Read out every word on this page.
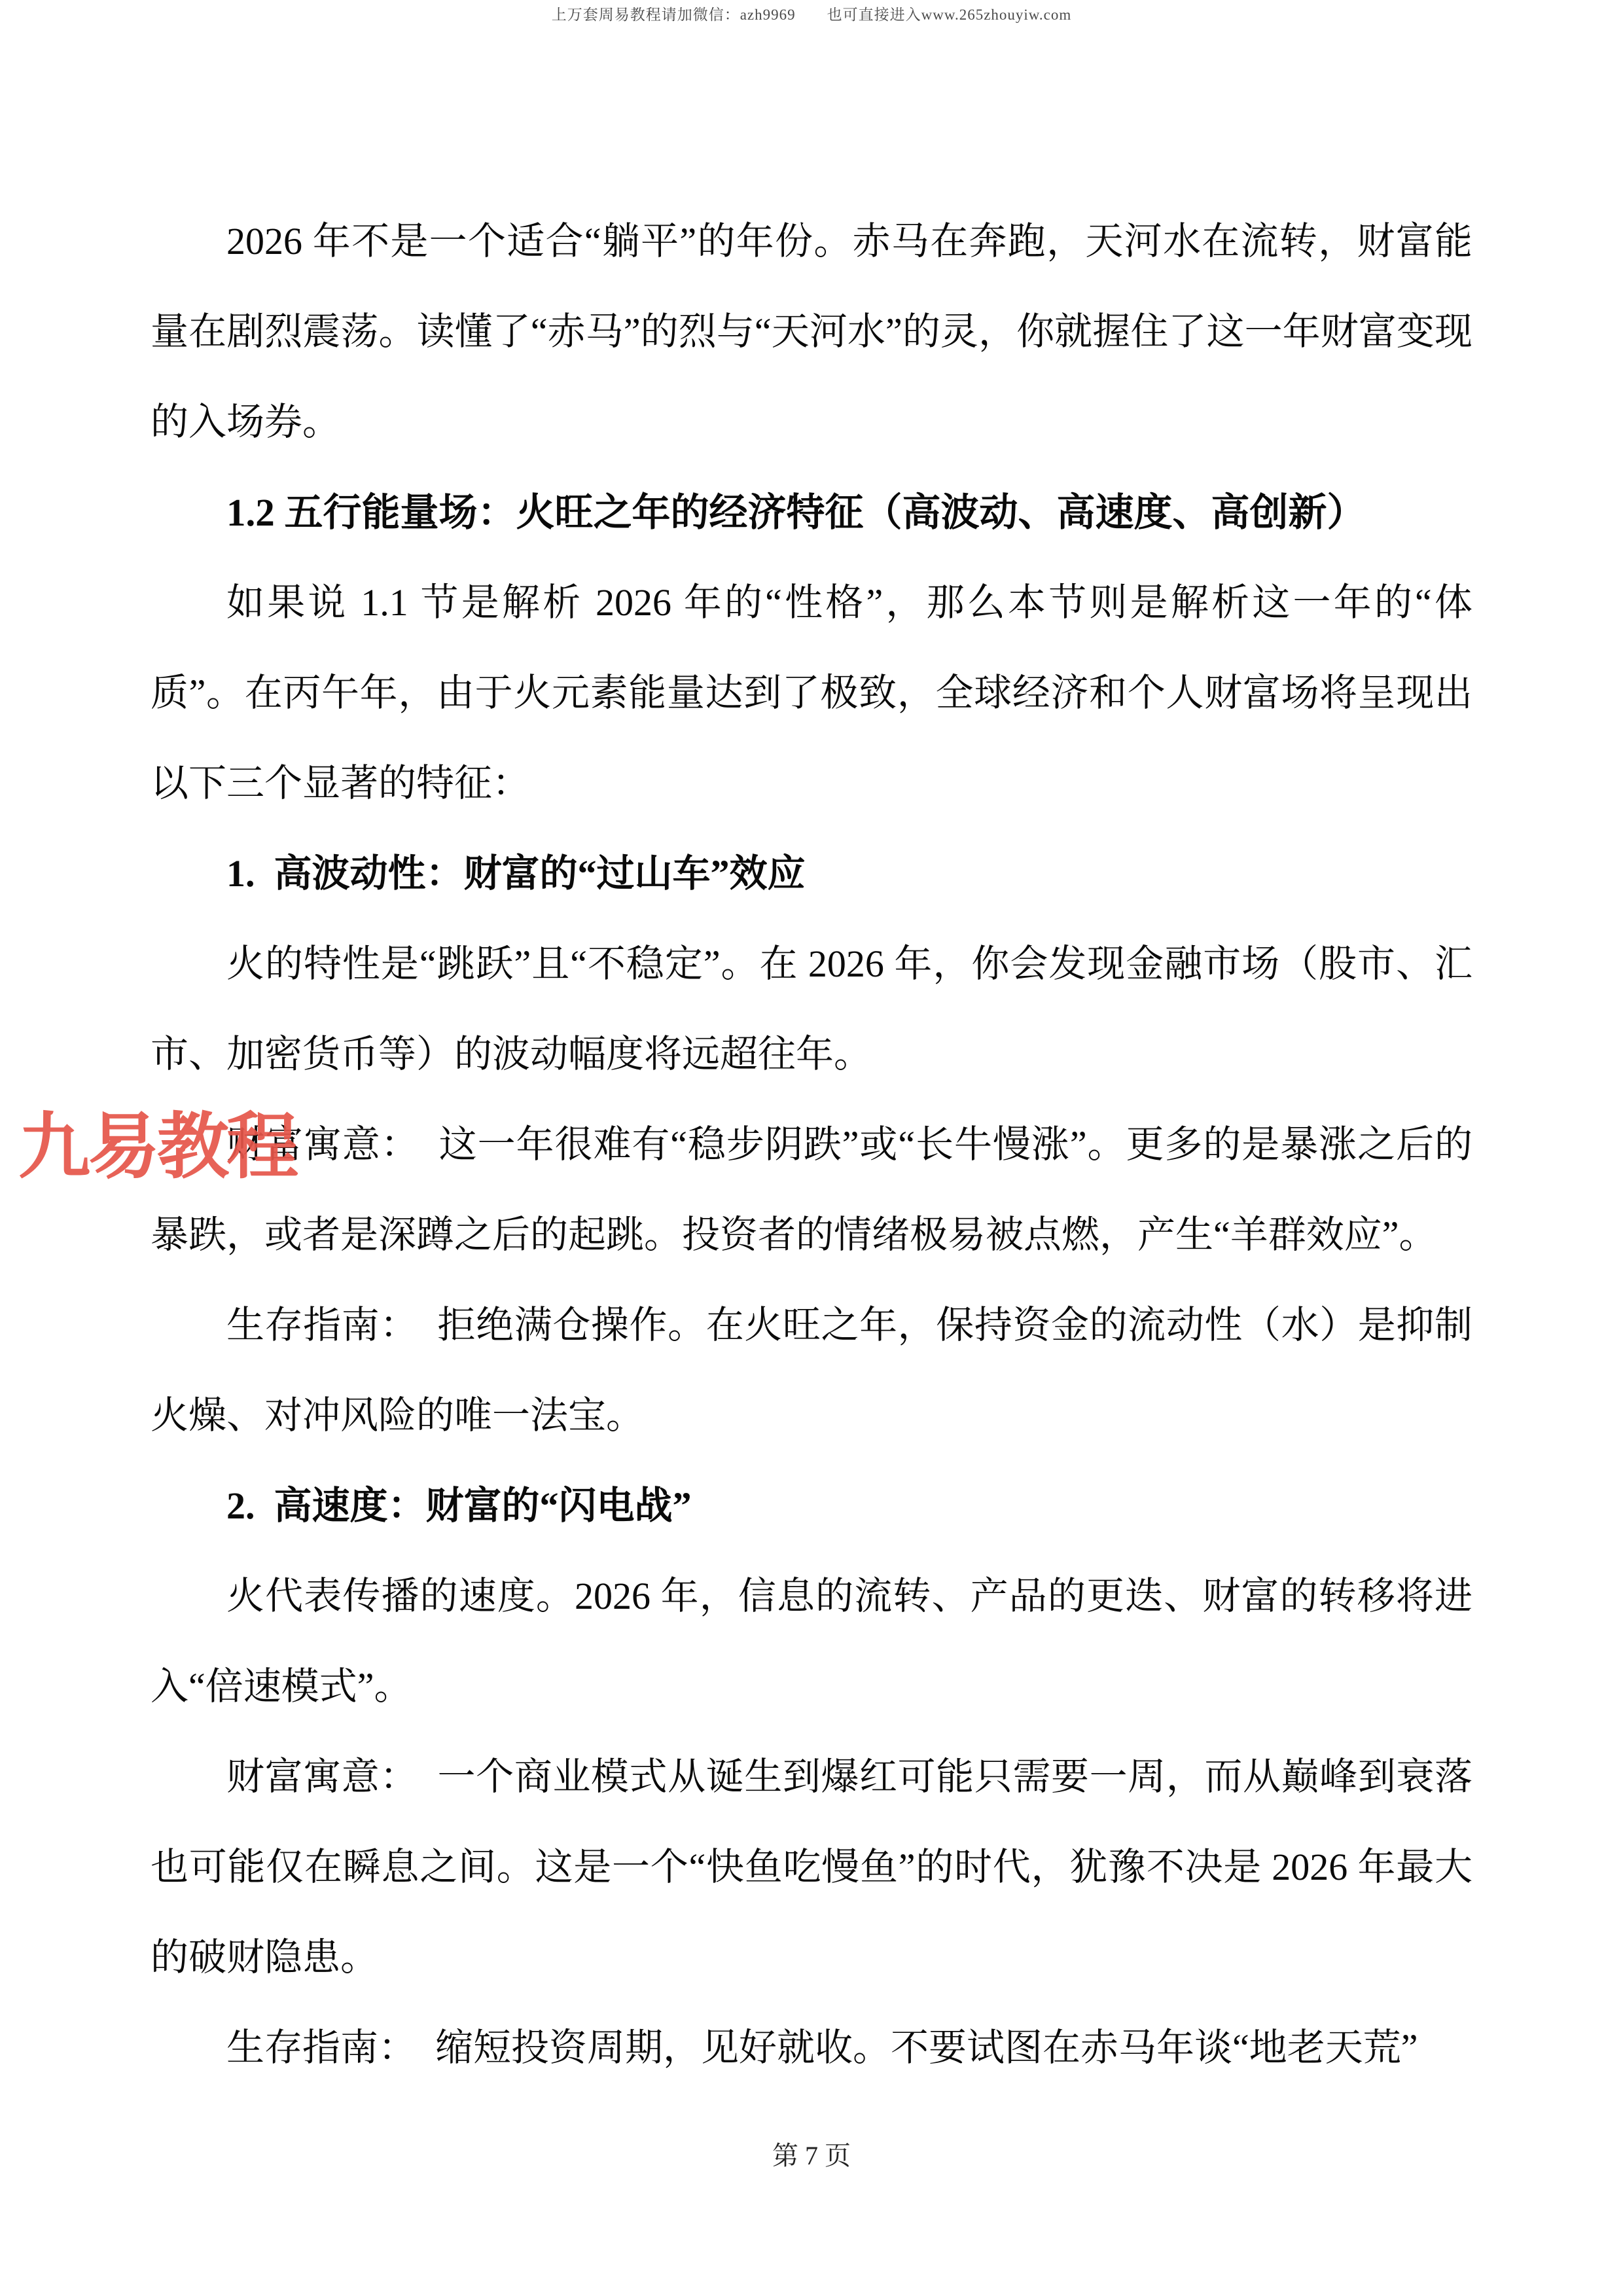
上万套周易教程请加微信：azh9969　　也可直接进入www.265zhouyiw.com
九易教程

2026 年不是一个适合“躺平”的年份。赤马在奔跑，天河水在流转，财富能量在剧烈震荡。读懂了“赤马”的烈与“天河水”的灵，你就握住了这一年财富变现的入场券。

1.2 五行能量场：火旺之年的经济特征（高波动、高速度、高创新）

如果说 1.1 节是解析 2026 年的“性格”，那么本节则是解析这一年的“体质”。在丙午年，由于火元素能量达到了极致，全球经济和个人财富场将呈现出以下三个显著的特征：

1. 高波动性：财富的“过山车”效应

火的特性是“跳跃”且“不稳定”。在 2026 年，你会发现金融市场（股市、汇市、加密货币等）的波动幅度将远超往年。

财富寓意：　这一年很难有“稳步阴跌”或“长牛慢涨”。更多的是暴涨之后的暴跌，或者是深蹲之后的起跳。投资者的情绪极易被点燃，产生“羊群效应”。

生存指南：　拒绝满仓操作。在火旺之年，保持资金的流动性（水）是抑制火燥、对冲风险的唯一法宝。

2. 高速度：财富的“闪电战”

火代表传播的速度。2026 年，信息的流转、产品的更迭、财富的转移将进入“倍速模式”。

财富寓意：　一个商业模式从诞生到爆红可能只需要一周，而从巅峰到衰落也可能仅在瞬息之间。这是一个“快鱼吃慢鱼”的时代，犹豫不决是 2026 年最大的破财隐患。

生存指南：　缩短投资周期，见好就收。不要试图在赤马年谈“地老天荒”

第 7 页
